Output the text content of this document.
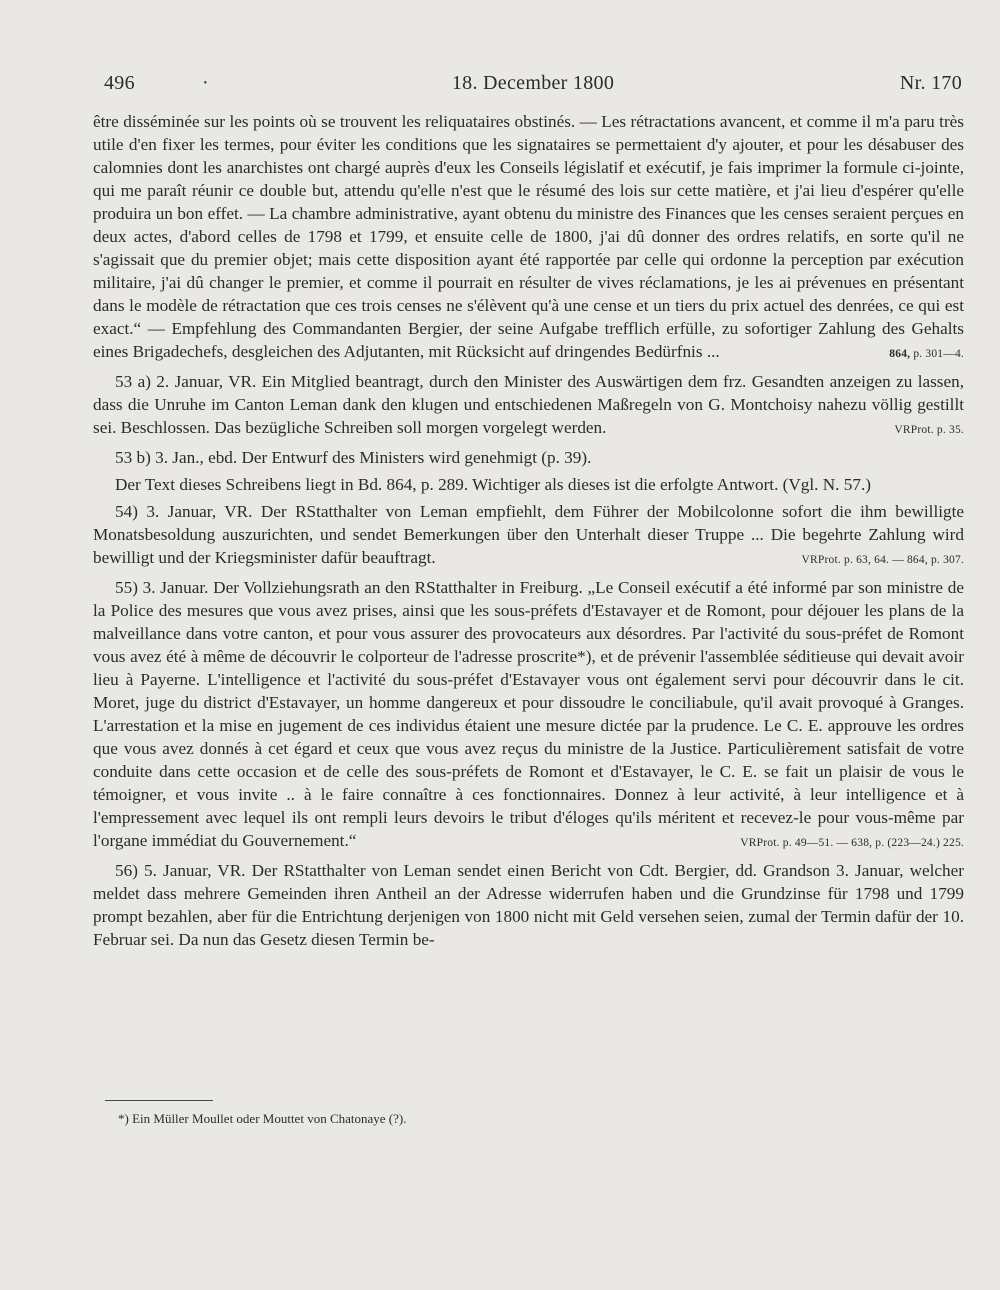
496	·	18. December 1800	Nr. 170

être disséminée sur les points où se trouvent les reliquataires obstinés. — Les rétractations avancent, et comme il m'a paru très utile d'en fixer les termes, pour éviter les conditions que les signataires se permettaient d'y ajouter, et pour les désabuser des calomnies dont les anarchistes ont chargé auprès d'eux les Conseils législatif et exécutif, je fais imprimer la formule ci-jointe, qui me paraît réunir ce double but, attendu qu'elle n'est que le résumé des lois sur cette matière, et j'ai lieu d'espérer qu'elle produira un bon effet. — La chambre administrative, ayant obtenu du ministre des Finances que les censes seraient perçues en deux actes, d'abord celles de 1798 et 1799, et ensuite celle de 1800, j'ai dû donner des ordres relatifs, en sorte qu'il ne s'agissait que du premier objet; mais cette disposition ayant été rapportée par celle qui ordonne la perception par exécution militaire, j'ai dû changer le premier, et comme il pourrait en résulter de vives réclamations, je les ai prévenues en présentant dans le modèle de rétractation que ces trois censes ne s'élèvent qu'à une cense et un tiers du prix actuel des denrées, ce qui est exact.“ — Empfehlung des Commandanten Bergier, der seine Aufgabe trefflich erfülle, zu sofortiger Zahlung des Gehalts eines Brigadechefs, desgleichen des Adjutanten, mit Rücksicht auf dringendes Bedürfnis ...	864, p. 301—4.

53 a) 2. Januar, VR. Ein Mitglied beantragt, durch den Minister des Auswärtigen dem frz. Gesandten anzeigen zu lassen, dass die Unruhe im Canton Leman dank den klugen und entschiedenen Maßregeln von G. Montchoisy nahezu völlig gestillt sei. Beschlossen. Das bezügliche Schreiben soll morgen vorgelegt werden.	VRProt. p. 35.

53 b) 3. Jan., ebd. Der Entwurf des Ministers wird genehmigt (p. 39).

Der Text dieses Schreibens liegt in Bd. 864, p. 289. Wichtiger als dieses ist die erfolgte Antwort. (Vgl. N. 57.)

54) 3. Januar, VR. Der RStatthalter von Leman empfiehlt, dem Führer der Mobilcolonne sofort die ihm bewilligte Monatsbesoldung auszurichten, und sendet Bemerkungen über den Unterhalt dieser Truppe ... Die begehrte Zahlung wird bewilligt und der Kriegsminister dafür beauftragt.	VRProt. p. 63, 64. — 864, p. 307.

55) 3. Januar. Der Vollziehungsrath an den RStatthalter in Freiburg. „Le Conseil exécutif a été informé par son ministre de la Police des mesures que vous avez prises, ainsi que les sous-préfets d'Estavayer et de Romont, pour déjouer les plans de la malveillance dans votre canton, et pour vous assurer des provocateurs aux désordres. Par l'activité du sous-préfet de Romont vous avez été à même de découvrir le colporteur de l'adresse proscrite*), et de prévenir l'assemblée séditieuse qui devait avoir lieu à Payerne. L'intelligence et l'activité du sous-préfet d'Estavayer vous ont également servi pour découvrir dans le cit. Moret, juge du district d'Estavayer, un homme dangereux et pour dissoudre le conciliabule, qu'il avait provoqué à Granges. L'arrestation et la mise en jugement de ces individus étaient une mesure dictée par la prudence. Le C. E. approuve les ordres que vous avez donnés à cet égard et ceux que vous avez reçus du ministre de la Justice. Particulièrement satisfait de votre conduite dans cette occasion et de celle des sous-préfets de Romont et d'Estavayer, le C. E. se fait un plaisir de vous le témoigner, et vous invite .. à le faire connaître à ces fonctionnaires. Donnez à leur activité, à leur intelligence et à l'empressement avec lequel ils ont rempli leurs devoirs le tribut d'éloges qu'ils méritent et recevez-le pour vous-même par l'organe immédiat du Gouvernement.“	VRProt. p. 49—51. — 638, p. (223—24.) 225.

56) 5. Januar, VR. Der RStatthalter von Leman sendet einen Bericht von Cdt. Bergier, dd. Grandson 3. Januar, welcher meldet dass mehrere Gemeinden ihren Antheil an der Adresse widerrufen haben und die Grundzinse für 1798 und 1799 prompt bezahlen, aber für die Entrichtung derjenigen von 1800 nicht mit Geld versehen seien, zumal der Termin dafür der 10. Februar sei. Da nun das Gesetz diesen Termin be-

*) Ein Müller Moullet oder Mouttet von Chatonaye (?).
